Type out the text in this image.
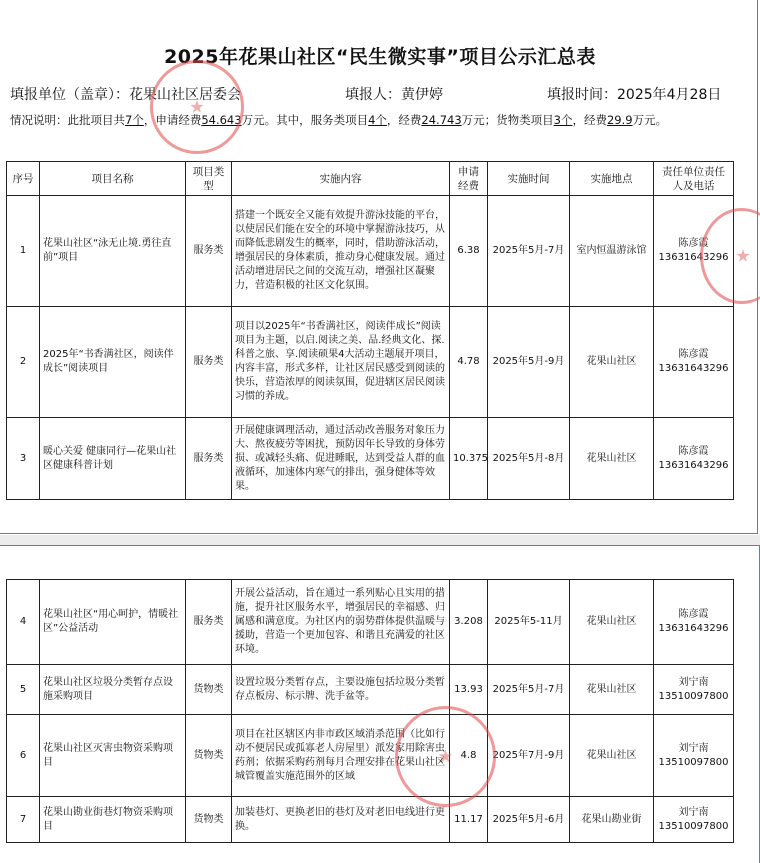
2025年花果山社区“民生微实事”项目公示汇总表
填报单位（盖章）：花果山社区居委会	填报人：黄伊婷	填报时间：2025年4月28日
情况说明：此批项目共7个，申请经费54.643万元。其中，服务类项目4个，经费24.743万元；货物类项目3个，经费29.9万元。
序号	项目名称	项目类型	实施内容	申请经费	实施时间	实施地点	责任单位责任人及电话
1	花果山社区“泳无止境.勇往直前”项目	服务类	搭建一个既安全又能有效提升游泳技能的平台，以使居民们能在安全的环境中掌握游泳技巧，从而降低悲剧发生的概率，同时，借助游泳活动，增强居民的身体素质，推动身心健康发展。通过活动增进居民之间的交流互动，增强社区凝聚力，营造积极的社区文化氛围。	6.38	2025年5月-7月	室内恒温游泳馆	陈彦霞
13631643296

2	2025年“书香满社区，阅读伴成长”阅读项目	服务类	项目以2025年“书香满社区，阅读伴成长”阅读项目为主题，以启.阅读之美、品.经典文化、探.科普之旅、享.阅读硕果4大活动主题展开项目，内容丰富，形式多样，让社区居民感受到阅读的快乐，营造浓厚的阅读氛围，促进辖区居民阅读习惯的养成。	4.78	2025年5月-9月	花果山社区	陈彦霞
13631643296

3	暖心关爱 健康同行—花果山社区健康科普计划	服务类	开展健康调理活动，通过活动改善服务对象压力大、熬夜疲劳等困扰，预防因年长导致的身体劳损、或减轻头痛、促进睡眠，达到受益人群的血液循环，加速体内寒气的排出，强身健体等效果。	10.375	2025年5月-8月	花果山社区	陈彦霞
13631643296
4	花果山社区“用心呵护，情暖社区”公益活动	服务类	开展公益活动，旨在通过一系列贴心且实用的措施，提升社区服务水平，增强居民的幸福感、归属感和满意度。为社区内的弱势群体提供温暖与援助，营造一个更加包容、和谐且充满爱的社区环境。	3.208	2025年5-11月	花果山社区	陈彦霞
13631643296

5	花果山社区垃圾分类暂存点设施采购项目	货物类	设置垃圾分类暂存点，主要设施包括垃圾分类暂存点板房、标示牌、洗手盆等。	13.93	2025年5月-7月	花果山社区	刘宁南
13510097800

6	花果山社区灭害虫物资采购项目	货物类	项目在社区辖区内非市政区域消杀范围（比如行动不便居民或孤寡老人房屋里）派发家用除害虫药剂；依据采购药剂每月合理安排在花果山社区城管覆盖实施范围外的区域	4.8	2025年7月-9月	花果山社区	刘宁南
13510097800

7	花果山勘业街巷灯物资采购项目	货物类	加装巷灯、更换老旧的巷灯及对老旧电线进行更换。	11.17	2025年5月-6月	花果山勘业街	刘宁南
13510097800
